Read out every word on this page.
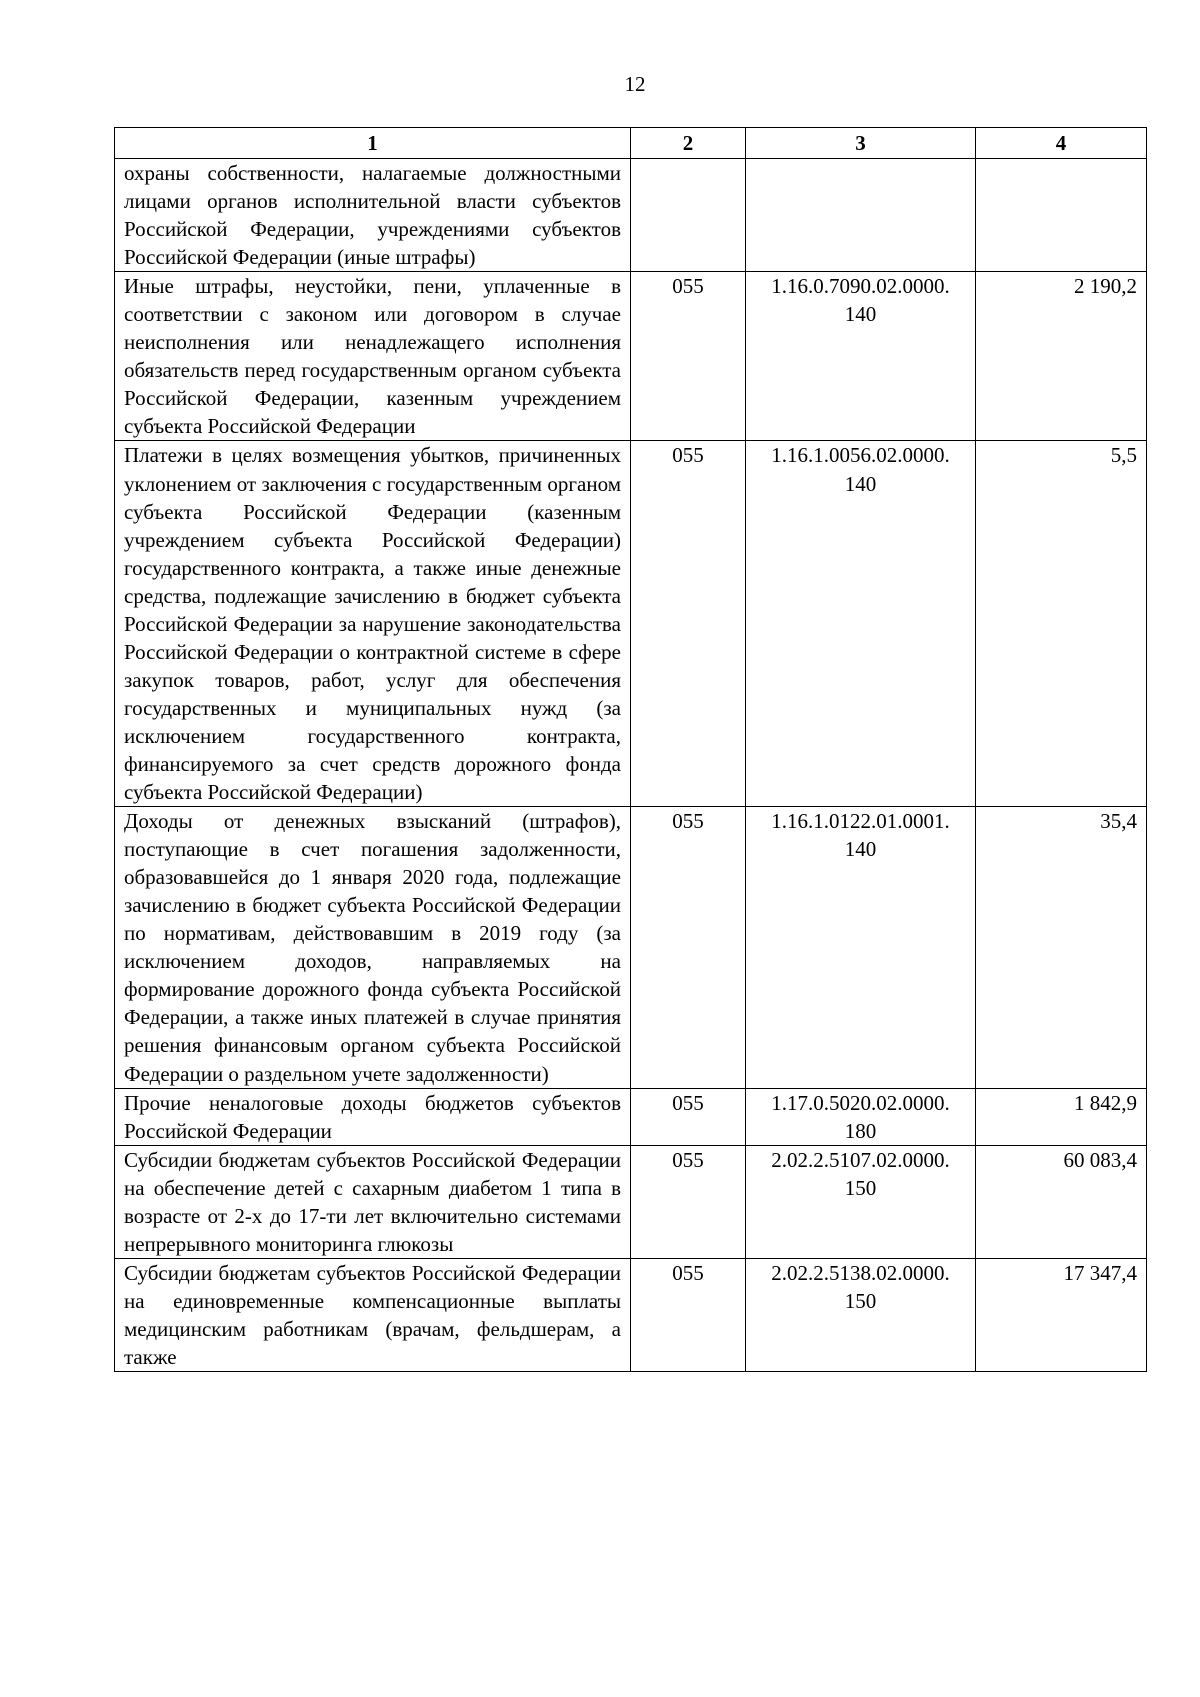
12
1	2	3	4
охраны собственности, налагаемые должностными лицами органов исполнительной власти субъектов Российской Федерации, учреждениями субъектов Российской Федерации (иные штрафы)			
Иные штрафы, неустойки, пени, уплаченные в соответствии с законом или договором в случае неисполнения или ненадлежащего исполнения обязательств перед государственным органом субъекта Российской Федерации, казенным учреждением субъекта Российской Федерации	055	1.16.0.7090.02.0000. 140	2 190,2
Платежи в целях возмещения убытков, причиненных уклонением от заключения с государственным органом субъекта Российской Федерации (казенным учреждением субъекта Российской Федерации) государственного контракта, а также иные денежные средства, подлежащие зачислению в бюджет субъекта Российской Федерации за нарушение законодательства Российской Федерации о контрактной системе в сфере закупок товаров, работ, услуг для обеспечения государственных и муниципальных нужд (за исключением государственного контракта, финансируемого за счет средств дорожного фонда субъекта Российской Федерации)	055	1.16.1.0056.02.0000. 140	5,5
Доходы от денежных взысканий (штрафов), поступающие в счет погашения задолженности, образовавшейся до 1 января 2020 года, подлежащие зачислению в бюджет субъекта Российской Федерации по нормативам, действовавшим в 2019 году (за исключением доходов, направляемых на формирование дорожного фонда субъекта Российской Федерации, а также иных платежей в случае принятия решения финансовым органом субъекта Российской Федерации о раздельном учете задолженности)	055	1.16.1.0122.01.0001. 140	35,4
Прочие неналоговые доходы бюджетов субъектов Российской Федерации	055	1.17.0.5020.02.0000. 180	1 842,9
Субсидии бюджетам субъектов Российской Федерации на обеспечение детей с сахарным диабетом 1 типа в возрасте от 2-х до 17-ти лет включительно системами непрерывного мониторинга глюкозы	055	2.02.2.5107.02.0000. 150	60 083,4
Субсидии бюджетам субъектов Российской Федерации на единовременные компенсационные выплаты медицинским работникам (врачам, фельдшерам, а также	055	2.02.2.5138.02.0000. 150	17 347,4
